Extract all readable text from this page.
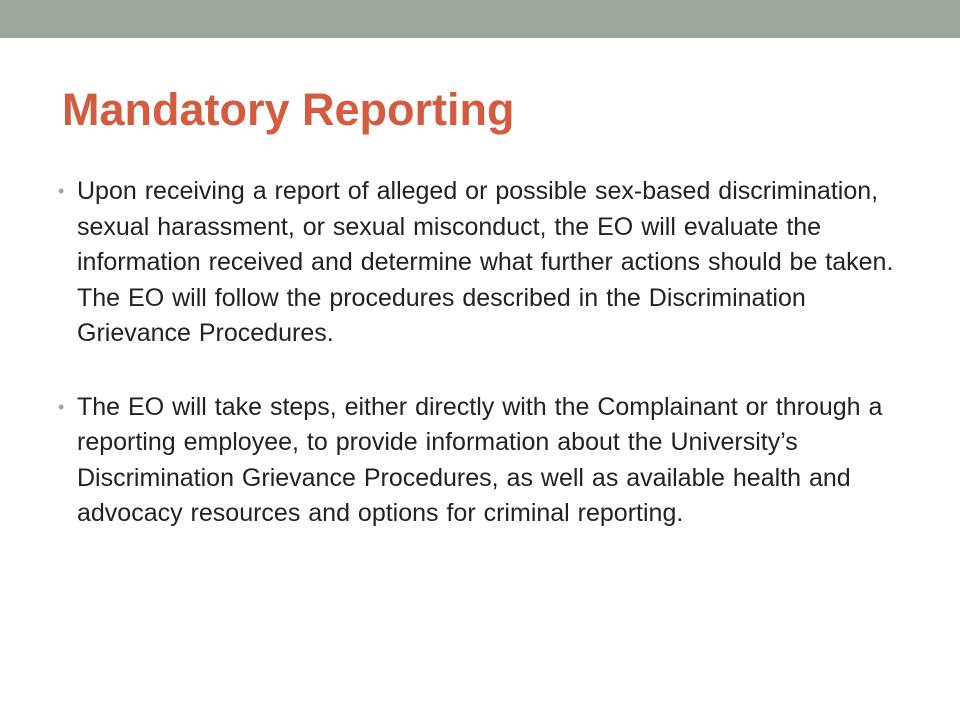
Mandatory Reporting
• Upon receiving a report of alleged or possible sex-based discrimination, sexual harassment, or sexual misconduct, the EO will evaluate the information received and determine what further actions should be taken. The EO will follow the procedures described in the Discrimination Grievance Procedures.
• The EO will take steps, either directly with the Complainant or through a reporting employee, to provide information about the University’s Discrimination Grievance Procedures, as well as available health and advocacy resources and options for criminal reporting.
